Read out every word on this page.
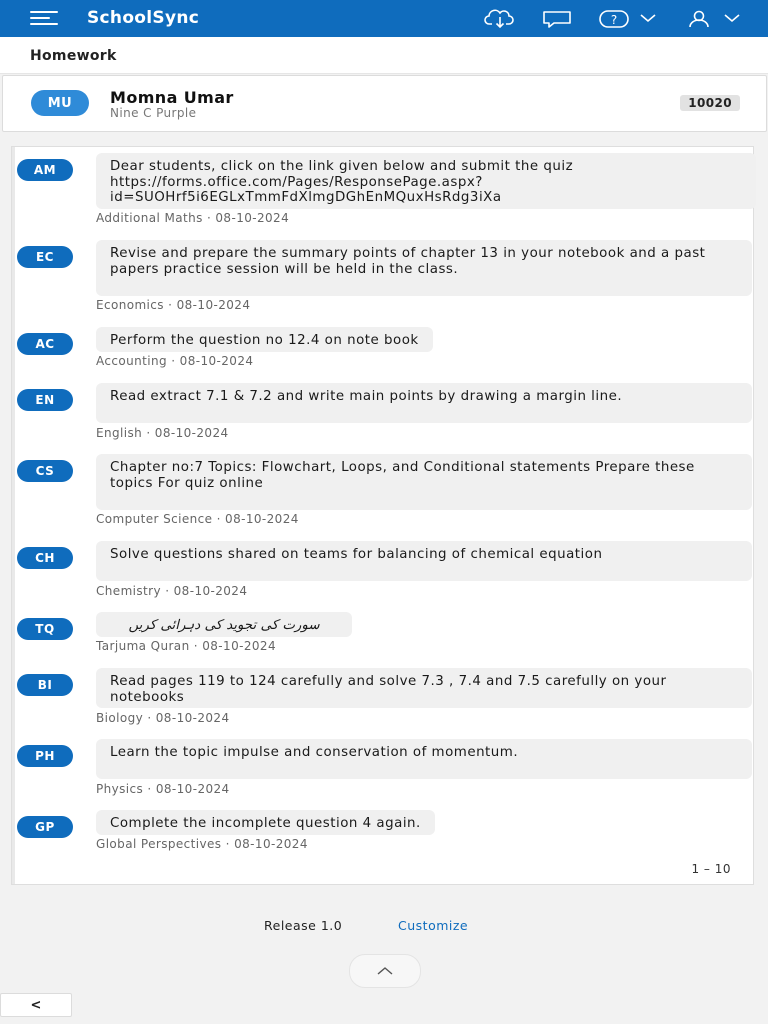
SchoolSync	?
Homework
MU	Momna Umar
Nine C Purple
10020
AM	Dear students, click on the link given below and submit the quiz https://forms.office.com/Pages/ResponsePage.aspx?id=SUOHrf5i6EGLxTmmFdXlmgDGhEnMQuxHsRdg3iXa
Additional Maths · 08-10-2024
EC	Revise and prepare the summary points of chapter 13 in your notebook and a past papers practice session will be held in the class.
Economics · 08-10-2024
AC	Perform the question no 12.4 on note book
Accounting · 08-10-2024
EN	Read extract 7.1 & 7.2 and write main points by drawing a margin line.
English · 08-10-2024
CS	Chapter no:7 Topics: Flowchart, Loops, and Conditional statements Prepare these topics For quiz online
Computer Science · 08-10-2024
CH	Solve questions shared on teams for balancing of chemical equation
Chemistry · 08-10-2024
TQ	سورت کی تجوید کی دہرائی کریں
Tarjuma Quran · 08-10-2024
BI	Read pages 119 to 124 carefully and solve 7.3 , 7.4 and 7.5 carefully on your notebooks
Biology · 08-10-2024
PH	Learn the topic impulse and conservation of momentum.
Physics · 08-10-2024
GP	Complete the incomplete question 4 again.
Global Perspectives · 08-10-2024
1 – 10
Release 1.0	Customize
<
